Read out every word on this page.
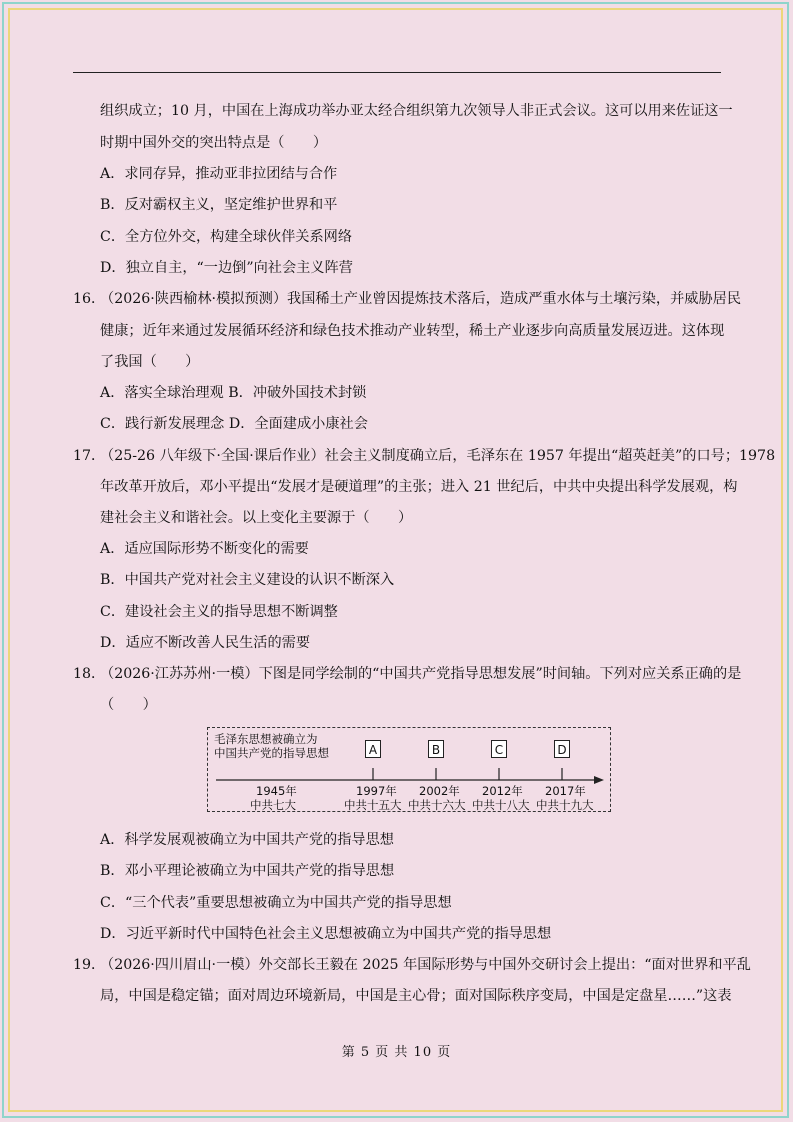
组织成立；10 月，中国在上海成功举办亚太经合组织第九次领导人非正式会议。这可以用来佐证这一
时期中国外交的突出特点是（　　）
A．求同存异，推动亚非拉团结与合作
B．反对霸权主义，坚定维护世界和平
C．全方位外交，构建全球伙伴关系网络
D．独立自主，“一边倒”向社会主义阵营
16．
（2026·陕西榆林·模拟预测）我国稀土产业曾因提炼技术落后，造成严重水体与土壤污染，并威胁居民
健康；近年来通过发展循环经济和绿色技术推动产业转型，稀土产业逐步向高质量发展迈进。这体现
了我国（　　）
A．落实全球治理观 B．冲破外国技术封锁
C．践行新发展理念 D．全面建成小康社会
17．
（25-26 八年级下·全国·课后作业）社会主义制度确立后，毛泽东在 1957 年提出“超英赶美”的口号；1978
年改革开放后，邓小平提出“发展才是硬道理”的主张；进入 21 世纪后，中共中央提出科学发展观，构
建社会主义和谐社会。以上变化主要源于（　　）
A．适应国际形势不断变化的需要
B．中国共产党对社会主义建设的认识不断深入
C．建设社会主义的指导思想不断调整
D．适应不断改善人民生活的需要
18．
（2026·江苏苏州·一模）下图是同学绘制的“中国共产党指导思想发展”时间轴。下列对应关系正确的是
（　　）
毛泽东思想被确立为
中国共产党的指导思想	A	B	C	D
1945年
中共七大
1997年
中共十五大
2002年
中共十六大
2012年
中共十八大
2017年
中共十九大
A．科学发展观被确立为中国共产党的指导思想
B．邓小平理论被确立为中国共产党的指导思想
C．“三个代表”重要思想被确立为中国共产党的指导思想
D．习近平新时代中国特色社会主义思想被确立为中国共产党的指导思想
19．
（2026·四川眉山·一模）外交部长王毅在 2025 年国际形势与中国外交研讨会上提出：“面对世界和平乱
局，中国是稳定锚；面对周边环境新局，中国是主心骨；面对国际秩序变局，中国是定盘星……”这表
第 5 页 共 10 页
